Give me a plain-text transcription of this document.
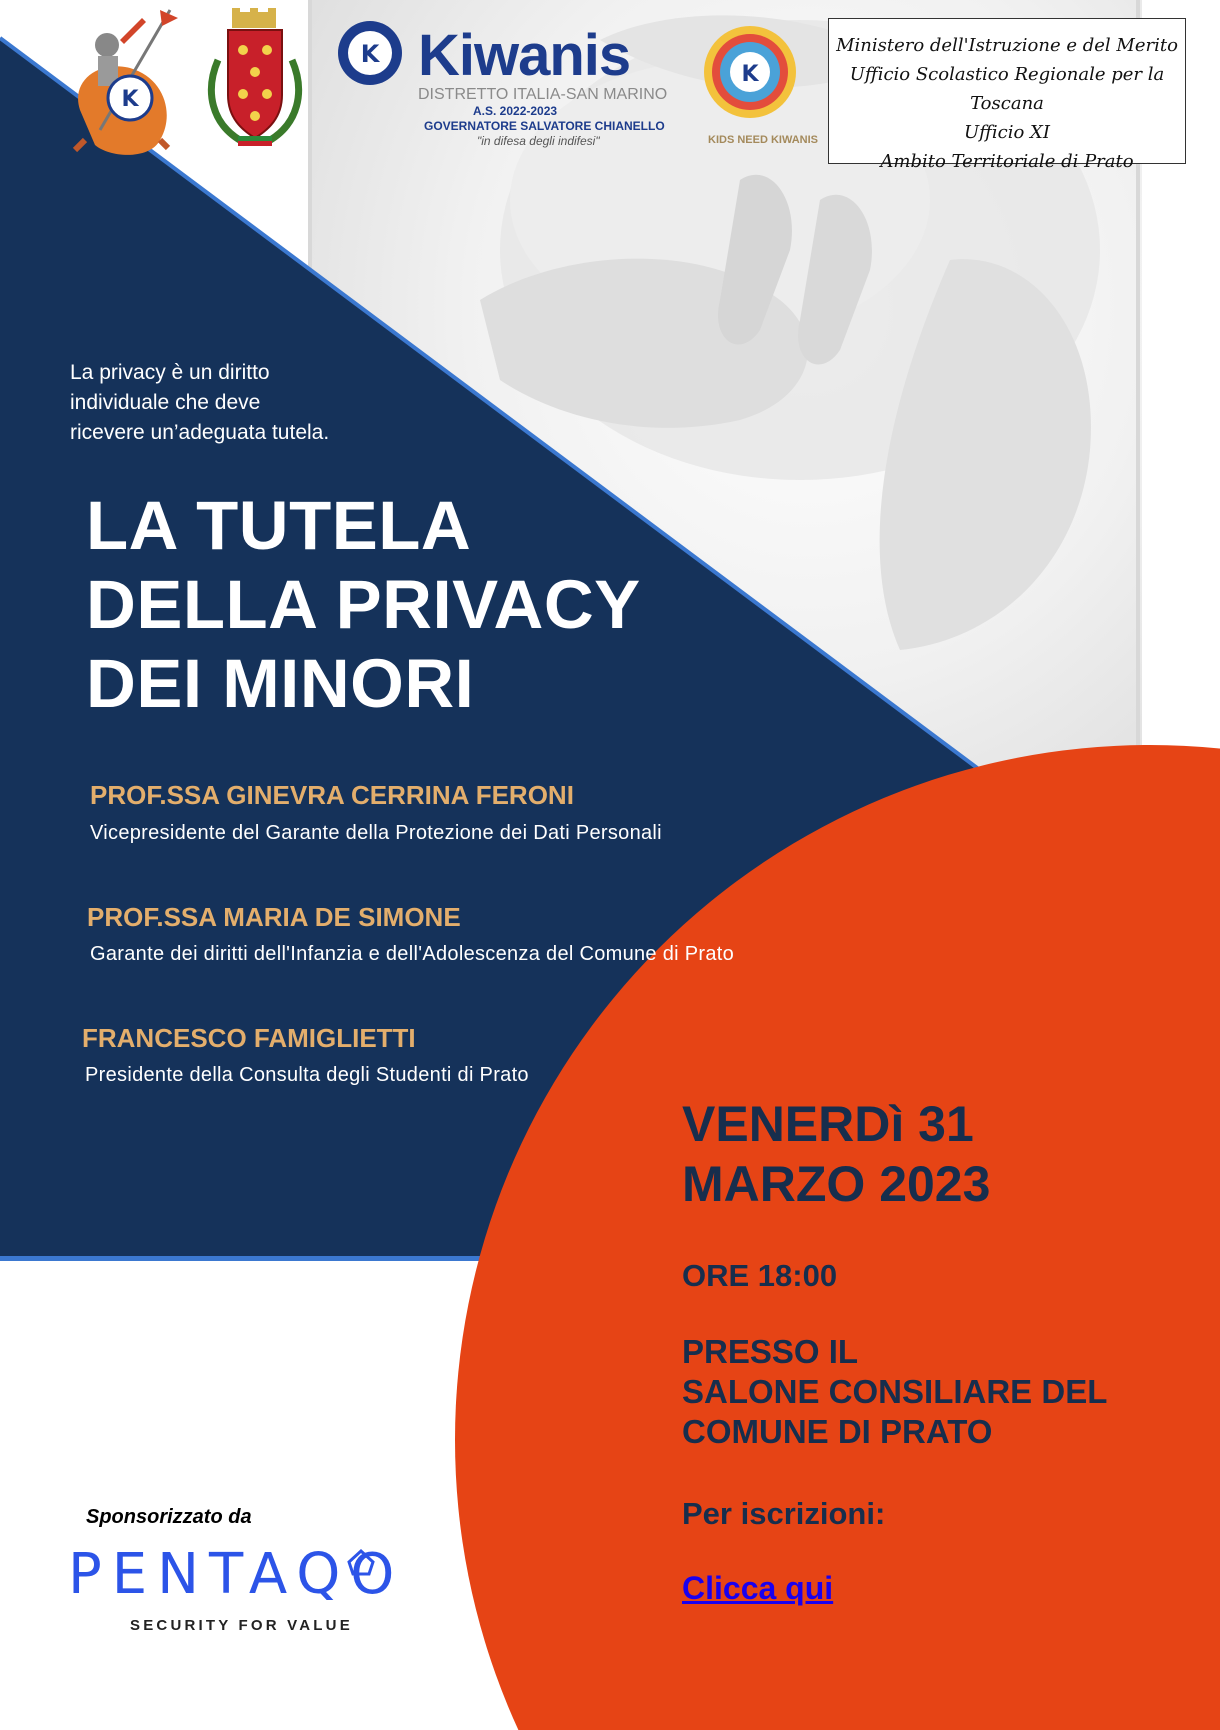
K
K
K
Kiwanis
DISTRETTO ITALIA-SAN MARINO
A.S. 2022-2023
GOVERNATORE SALVATORE CHIANELLO
"in difesa degli indifesi"	KIDS NEED KIWANIS
Ministero dell'Istruzione e del Merito
Ufficio Scolastico Regionale per la Toscana
Ufficio XI
Ambito Territoriale di Prato
La privacy è un diritto
individuale che deve
ricevere un’adeguata tutela.
LA TUTELA
DELLA PRIVACY
DEI MINORI
PROF.SSA GINEVRA CERRINA FERONI
Vicepresidente del Garante della Protezione dei Dati Personali
PROF.SSA MARIA DE SIMONE
Garante dei diritti dell'Infanzia e dell'Adolescenza del Comune di Prato
FRANCESCO FAMIGLIETTI
Presidente della Consulta degli Studenti di Prato
VENERDì 31
MARZO 2023
ORE 18:00
PRESSO IL
SALONE CONSILIARE DEL
COMUNE DI PRATO
Per iscrizioni:
Clicca qui
Sponsorizzato da
PENTAQO
SECURITY FOR VALUE
